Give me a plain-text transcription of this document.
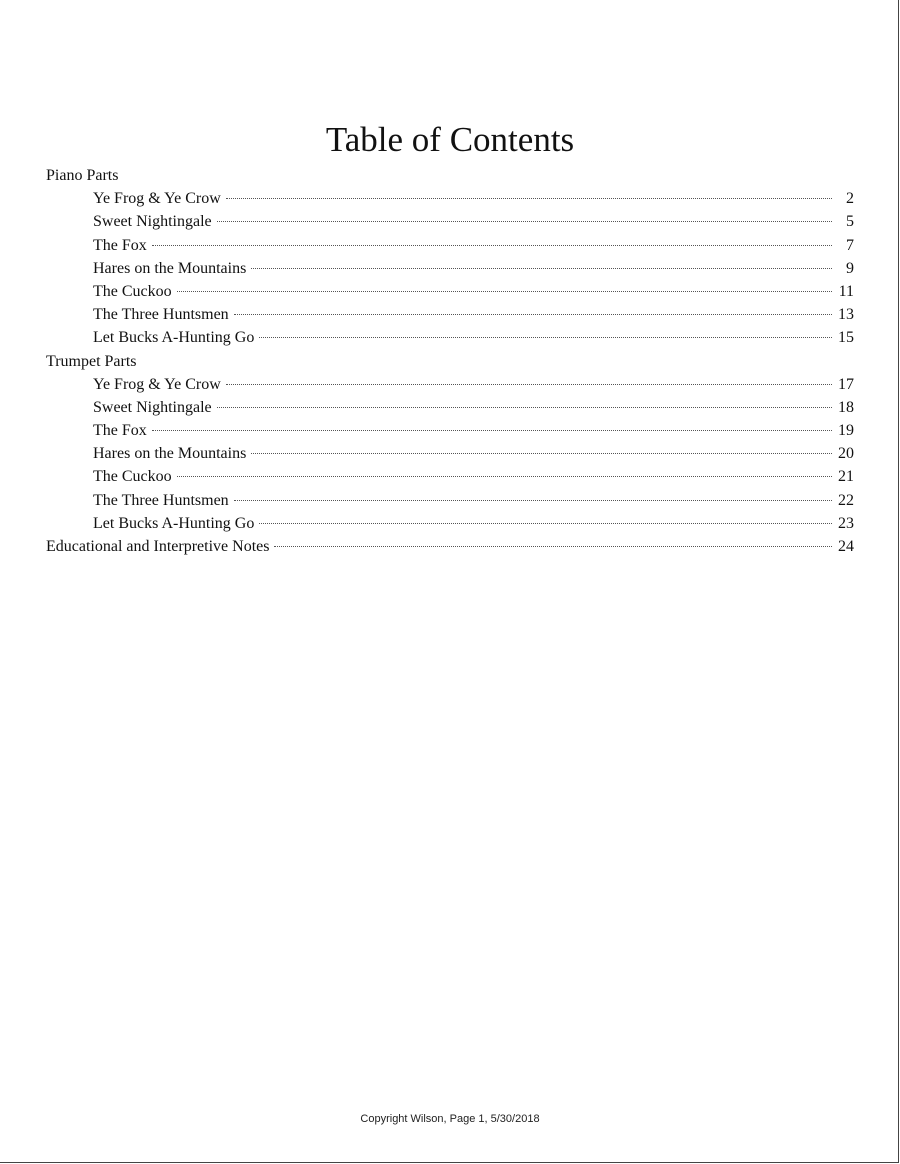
Table of Contents
Piano Parts
Ye Frog & Ye Crow	2
Sweet Nightingale	5
The Fox	7
Hares on the Mountains	9
The Cuckoo	11
The Three Huntsmen	13
Let Bucks A-Hunting Go	15
Trumpet Parts
Ye Frog & Ye Crow	17
Sweet Nightingale	18
The Fox	19
Hares on the Mountains	20
The Cuckoo	21
The Three Huntsmen	22
Let Bucks A-Hunting Go	23
Educational and Interpretive Notes	24
Copyright Wilson, Page 1, 5/30/2018
